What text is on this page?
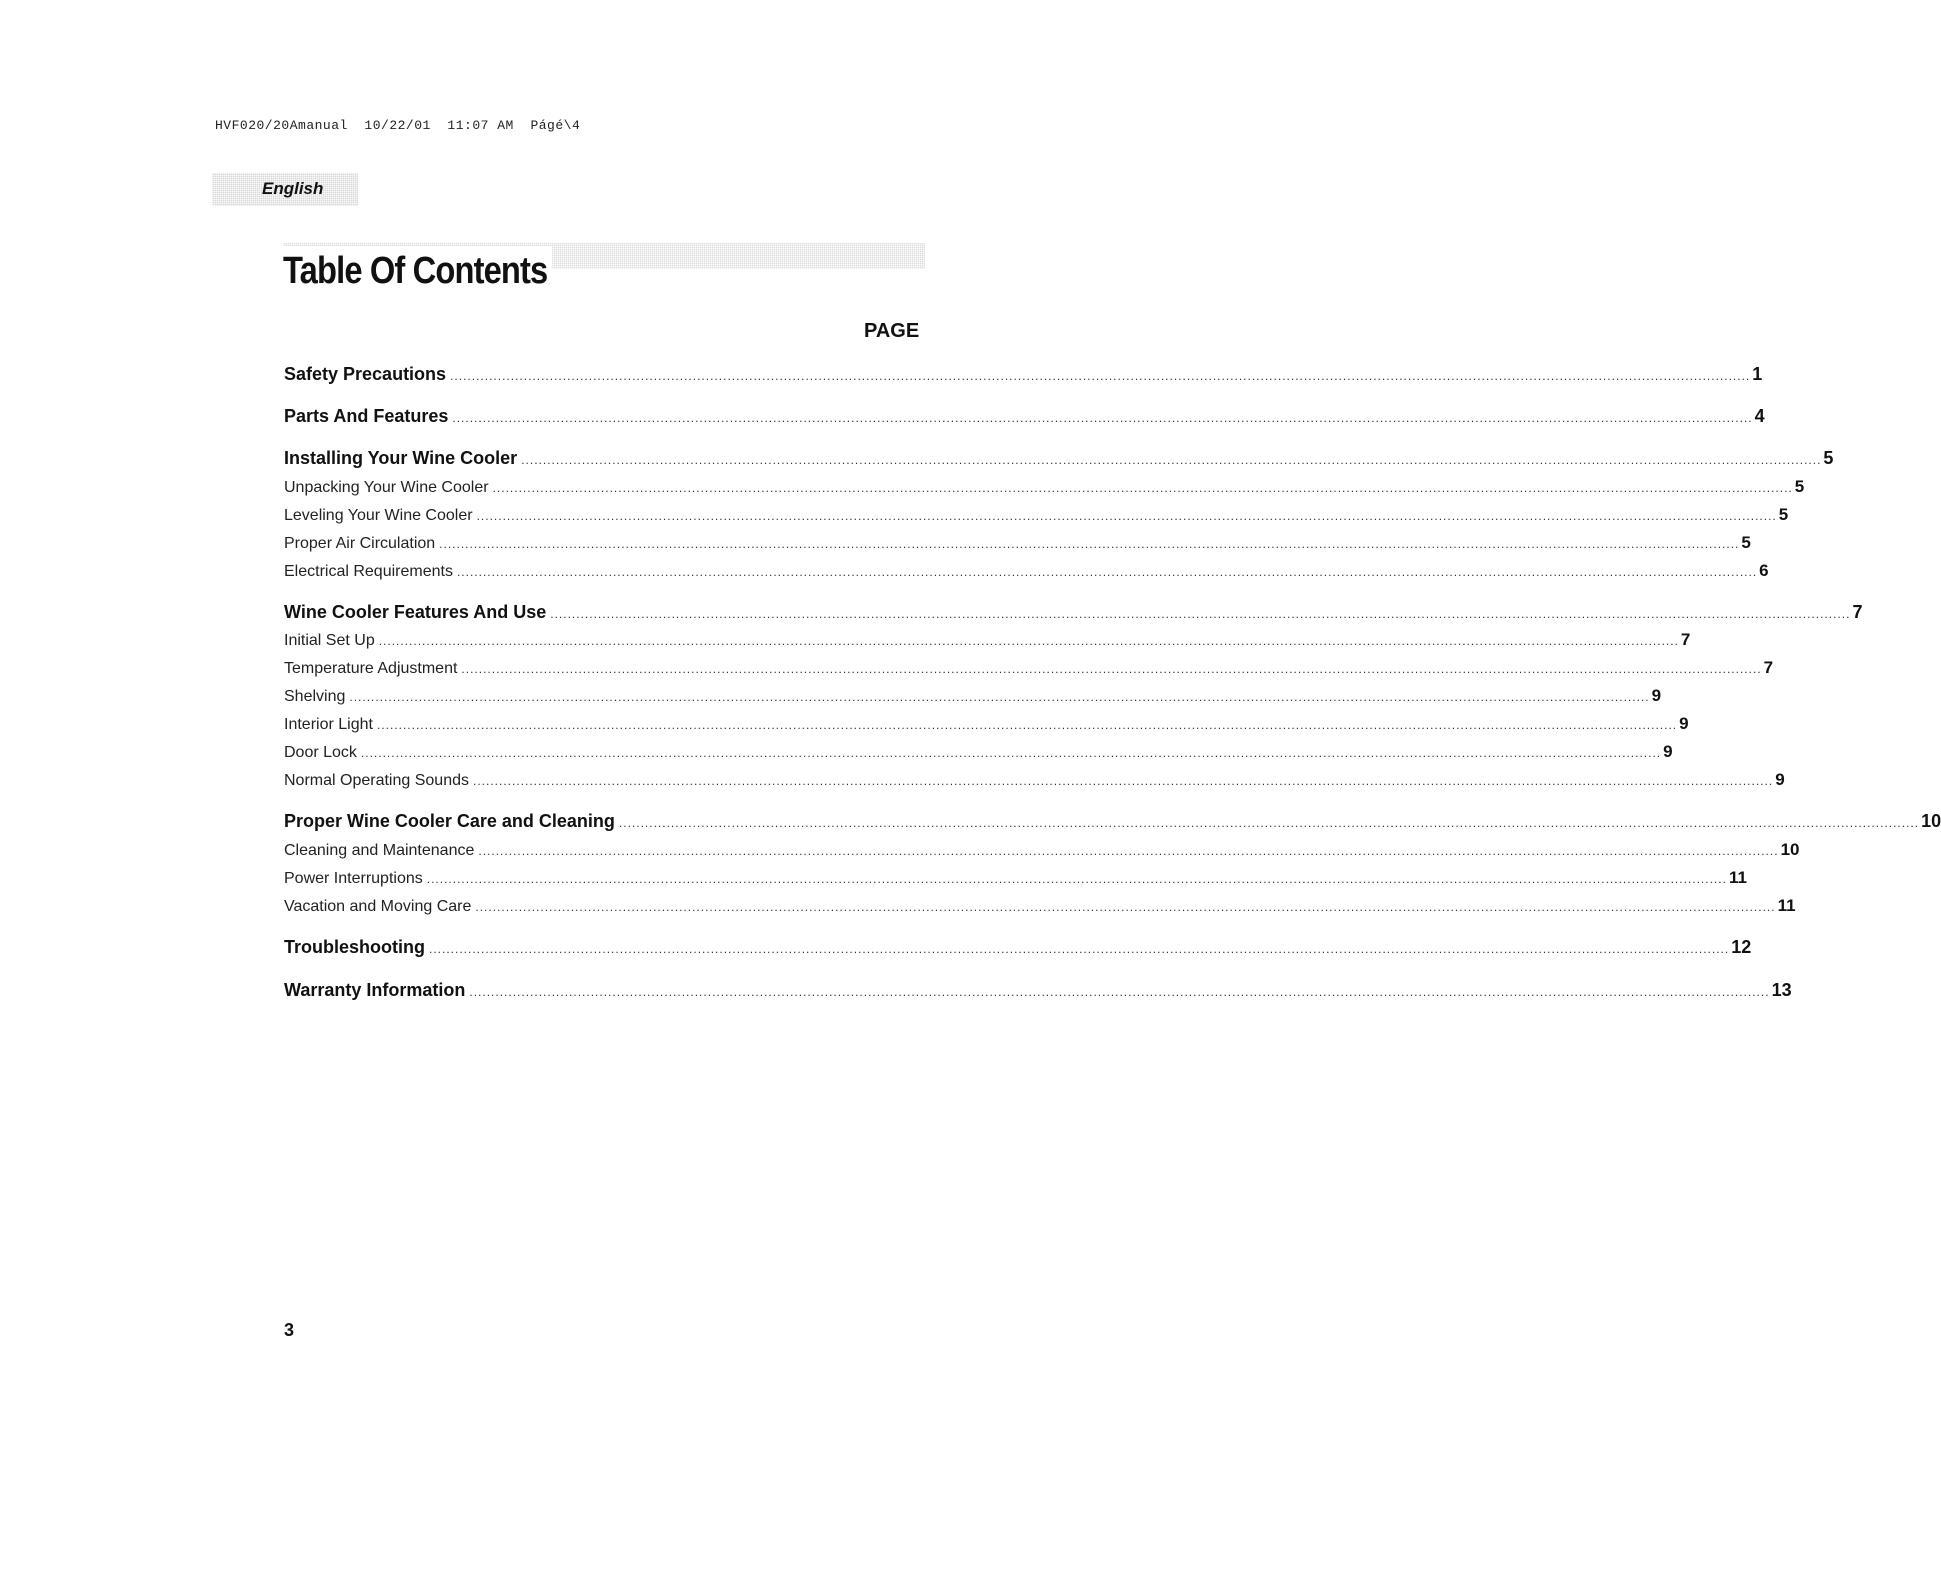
HVF020/20Amanual  10/22/01  11:07 AM  Págé\4
English
Table Of Contents
PAGE
Safety Precautions ............................................................................................................................................................................................................................................................................................................ 1
Parts And Features ............................................................................................................................................................................................................................................................................................................ 4
Installing Your Wine Cooler ............................................................................................................................................................................................................................................................................................................ 5
Unpacking Your Wine Cooler ............................................................................................................................................................................................................................................................................................................ 5
Leveling Your Wine Cooler ............................................................................................................................................................................................................................................................................................................ 5
Proper Air Circulation ............................................................................................................................................................................................................................................................................................................ 5
Electrical Requirements ............................................................................................................................................................................................................................................................................................................ 6
Wine Cooler Features And Use ............................................................................................................................................................................................................................................................................................................ 7
Initial Set Up ............................................................................................................................................................................................................................................................................................................ 7
Temperature Adjustment ............................................................................................................................................................................................................................................................................................................ 7
Shelving ............................................................................................................................................................................................................................................................................................................ 9
Interior Light ............................................................................................................................................................................................................................................................................................................ 9
Door Lock ............................................................................................................................................................................................................................................................................................................ 9
Normal Operating Sounds ............................................................................................................................................................................................................................................................................................................ 9
Proper Wine Cooler Care and Cleaning ............................................................................................................................................................................................................................................................................................................ 10
Cleaning and Maintenance ............................................................................................................................................................................................................................................................................................................ 10
Power Interruptions ............................................................................................................................................................................................................................................................................................................ 11
Vacation and Moving Care ............................................................................................................................................................................................................................................................................................................ 11
Troubleshooting ............................................................................................................................................................................................................................................................................................................ 12
Warranty Information ............................................................................................................................................................................................................................................................................................................ 13
3
